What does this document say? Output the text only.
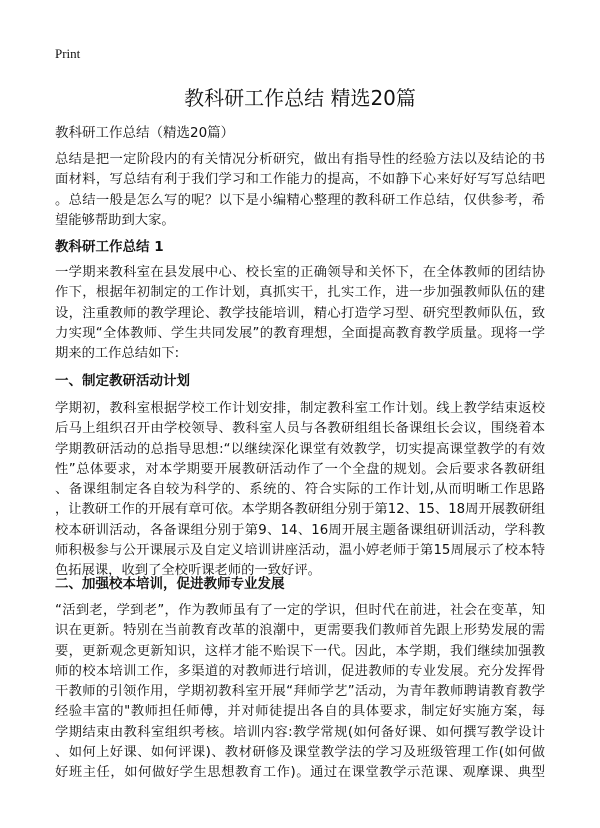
Print
教科研工作总结 精选20篇
教科研工作总结（精选20篇）
总结是把一定阶段内的有关情况分析研究，做出有指导性的经验方法以及结论的书
面材料，写总结有利于我们学习和工作能力的提高，不如静下心来好好写写总结吧
。总结一般是怎么写的呢？以下是小编精心整理的教科研工作总结，仅供参考，希
望能够帮助到大家。
教科研工作总结 1
一学期来教科室在县发展中心、校长室的正确领导和关怀下，在全体教师的团结协
作下，根据年初制定的工作计划，真抓实干，扎实工作，进一步加强教师队伍的建
设，注重教师的教学理论、教学技能培训，精心打造学习型、研究型教师队伍，致
力实现“全体教师、学生共同发展”的教育理想，全面提高教育教学质量。现将一学
期来的工作总结如下:
一、制定教研活动计划
学期初，教科室根据学校工作计划安排，制定教科室工作计划。线上教学结束返校
后马上组织召开由学校领导、教科室人员与各教研组组长备课组长会议，围绕着本
学期教研活动的总指导思想:“以继续深化课堂有效教学，切实提高课堂教学的有效
性”总体要求，对本学期要开展教研活动作了一个全盘的规划。会后要求各教研组
、备课组制定各自较为科学的、系统的、符合实际的工作计划,从而明晰工作思路
，让教研工作的开展有章可依。本学期各教研组分别于第12、15、18周开展教研组
校本研训活动，各备课组分别于第9、14、16周开展主题备课组研训活动，学科教
师积极参与公开课展示及自定义培训讲座活动，温小婷老师于第15周展示了校本特
色拓展课，收到了全校听课老师的一致好评。
二、加强校本培训，促进教师专业发展
“活到老，学到老”，作为教师虽有了一定的学识，但时代在前进，社会在变革，知
识在更新。特别在当前教育改革的浪潮中，更需要我们教师首先跟上形势发展的需
要，更新观念更新知识，这样才能不贻误下一代。因此，本学期，我们继续加强教
师的校本培训工作，多渠道的对教师进行培训，促进教师的专业发展。充分发挥骨
干教师的引领作用，学期初教科室开展“拜师学艺”活动，为青年教师聘请教育教学
经验丰富的"教师担任师傅，并对师徒提出各自的具体要求，制定好实施方案，每
学期结束由教科室组织考核。培训内容:教学常规(如何备好课、如何撰写教学设计
、如何上好课、如何评课)、教材研修及课堂教学法的学习及班级管理工作(如何做
好班主任，如何做好学生思想教育工作)。通过在课堂教学示范课、观摩课、典型
